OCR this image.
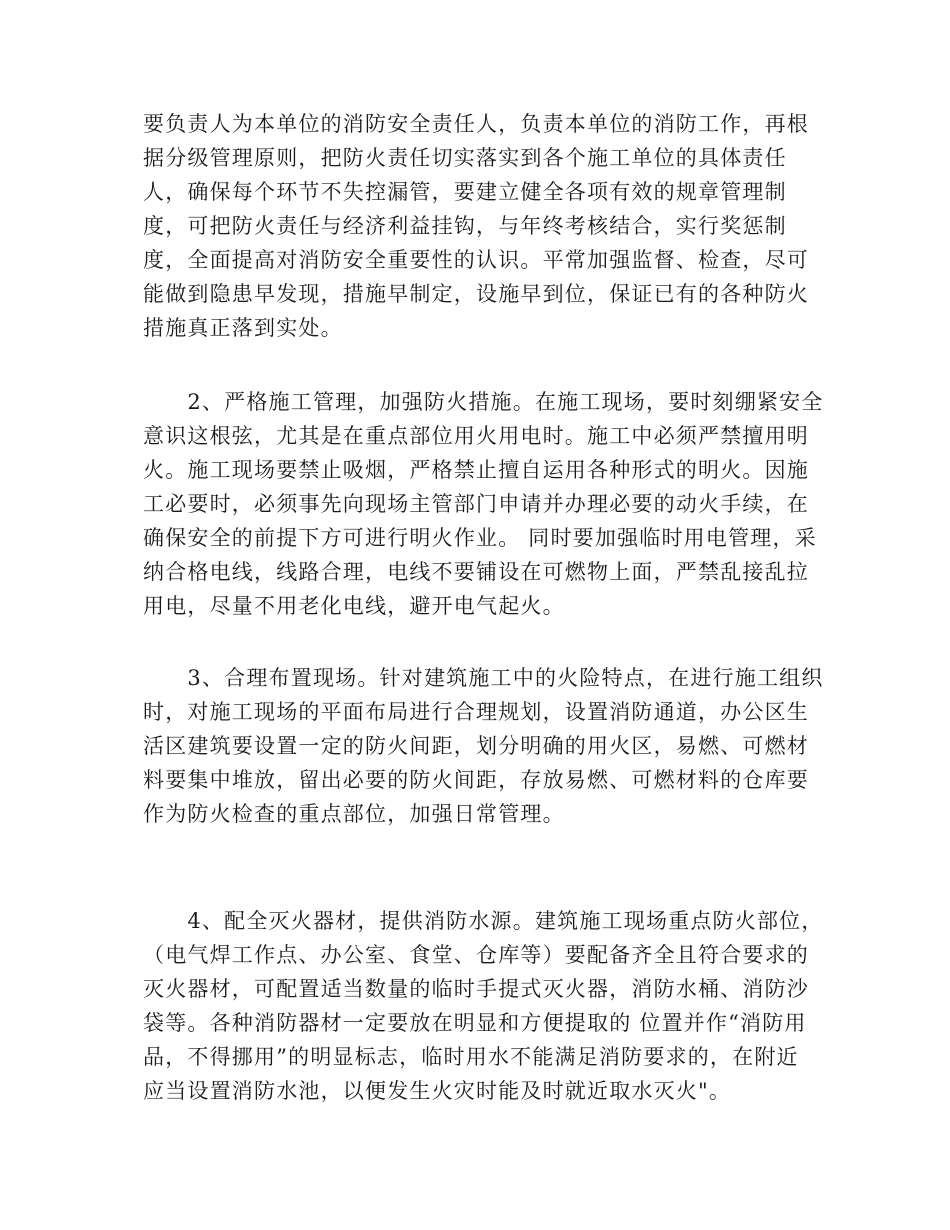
要负责人为本单位的消防安全责任人，负责本单位的消防工作，再根
据分级管理原则，把防火责任切实落实到各个施工单位的具体责任
人，确保每个环节不失控漏管，要建立健全各项有效的规章管理制
度，可把防火责任与经济利益挂钩，与年终考核结合，实行奖惩制
度，全面提高对消防安全重要性的认识。平常加强监督、检查，尽可
能做到隐患早发现，措施早制定，设施早到位，保证已有的各种防火
措施真正落到实处。
　　2、严格施工管理，加强防火措施。在施工现场，要时刻绷紧安全
意识这根弦，尤其是在重点部位用火用电时。施工中必须严禁擅用明
火。施工现场要禁止吸烟，严格禁止擅自运用各种形式的明火。因施
工必要时，必须事先向现场主管部门申请并办理必要的动火手续，在
确保安全的前提下方可进行明火作业。 同时要加强临时用电管理，采
纳合格电线，线路合理，电线不要铺设在可燃物上面，严禁乱接乱拉
用电，尽量不用老化电线，避开电气起火。
　　3、合理布置现场。针对建筑施工中的火险特点，在进行施工组织
时，对施工现场的平面布局进行合理规划，设置消防通道，办公区生
活区建筑要设置一定的防火间距，划分明确的用火区，易燃、可燃材
料要集中堆放，留出必要的防火间距，存放易燃、可燃材料的仓库要
作为防火检查的重点部位，加强日常管理。
　　4、配全灭火器材，提供消防水源。建筑施工现场重点防火部位，
（电气焊工作点、办公室、食堂、仓库等）要配备齐全且符合要求的
灭火器材，可配置适当数量的临时手提式灭火器，消防水桶、消防沙
袋等。各种消防器材一定要放在明显和方便提取的 位置并作“消防用
品，不得挪用”的明显标志，临时用水不能满足消防要求的，在附近
应当设置消防水池，以便发生火灾时能及时就近取水灭火"。
